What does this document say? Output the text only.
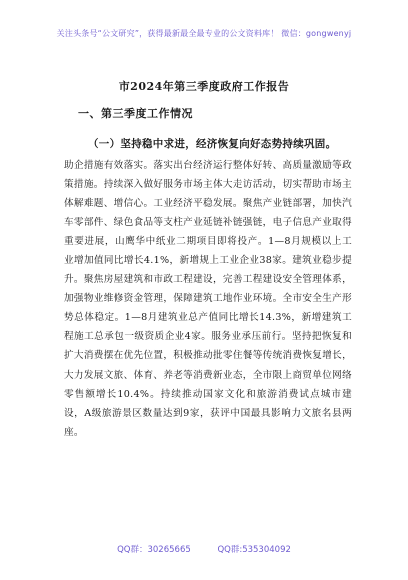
关注头条号“公文研究”，获得最新最全最专业的公文资料库！ 微信：gongwenyj
市2024年第三季度政府工作报告
一、第三季度工作情况
（一）坚持稳中求进，经济恢复向好态势持续巩固。

助企措施有效落实。落实出台经济运行整体好转、高质量激励等政策措施。持续深入做好服务市场主体大走访活动，切实帮助市场主体解难题、增信心。工业经济平稳发展。聚焦产业链部署，加快汽车零部件、绿色食品等支柱产业延链补链强链，电子信息产业取得重要进展，山鹰华中纸业二期项目即将投产。1—8月规模以上工业增加值同比增长4.1%，新增规上工业企业38家。建筑业稳步提升。聚焦房屋建筑和市政工程建设，完善工程建设安全管理体系，加强物业维修资金管理，保障建筑工地作业环境。全市安全生产形势总体稳定。1—8月建筑业总产值同比增长14.3%，新增建筑工程施工总承包一级资质企业4家。服务业承压前行。坚持把恢复和扩大消费摆在优先位置，积极推动批零住餐等传统消费恢复增长，大力发展文旅、体育、养老等消费新业态，全市限上商贸单位网络零售额增长10.4%。持续推动国家文化和旅游消费试点城市建设，A级旅游景区数量达到9家，获评中国最具影响力文旅名县两座。

QQ群：30265665	QQ群:535304092
